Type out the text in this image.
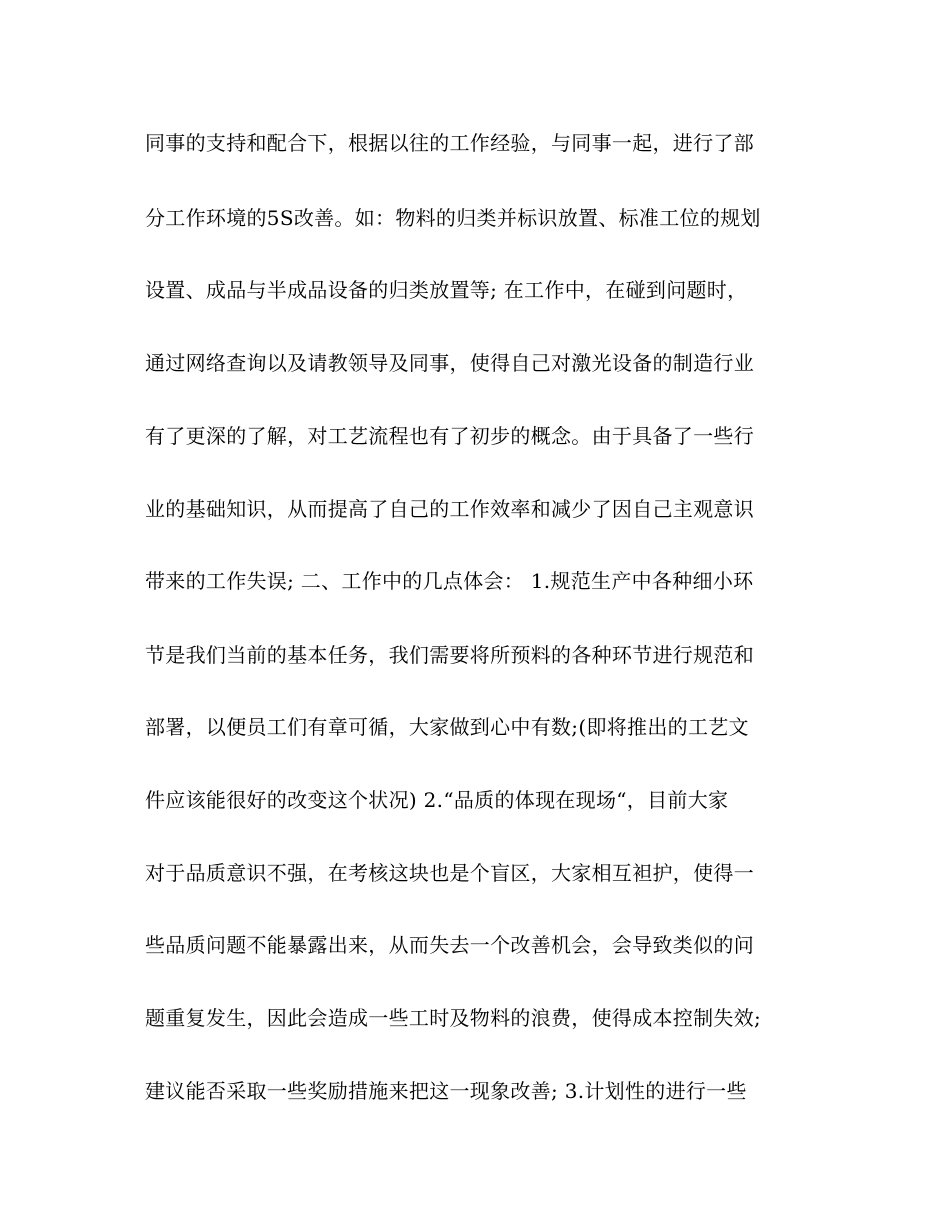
同事的支持和配合下，根据以往的工作经验，与同事一起，进行了部
分工作环境的5S改善。如：物料的归类并标识放置、标准工位的规划
设置、成品与半成品设备的归类放置等; 在工作中，在碰到问题时，
通过网络查询以及请教领导及同事，使得自己对激光设备的制造行业
有了更深的了解，对工艺流程也有了初步的概念。由于具备了一些行
业的基础知识，从而提高了自己的工作效率和减少了因自己主观意识
带来的工作失误; 二、工作中的几点体会： 1.规范生产中各种细小环
节是我们当前的基本任务，我们需要将所预料的各种环节进行规范和
部署，以便员工们有章可循，大家做到心中有数;(即将推出的工艺文
件应该能很好的改变这个状况) 2.“品质的体现在现场“，目前大家
对于品质意识不强，在考核这块也是个盲区，大家相互袒护，使得一
些品质问题不能暴露出来，从而失去一个改善机会，会导致类似的问
题重复发生，因此会造成一些工时及物料的浪费，使得成本控制失效;
建议能否采取一些奖励措施来把这一现象改善; 3.计划性的进行一些
